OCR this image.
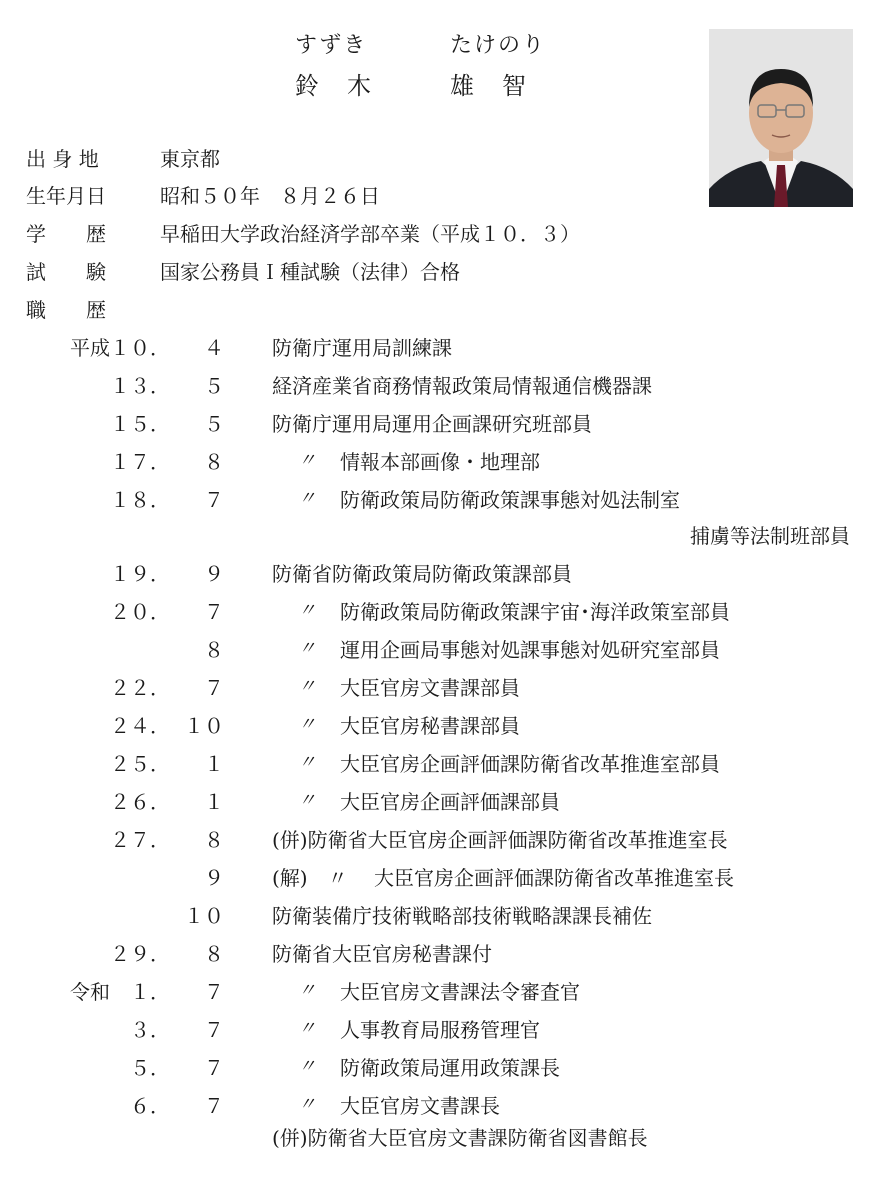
すずき	たけのり
鈴　木	雄　智
出 身 地	東京都
生年月日	昭和５０年　８月２６日
学　　歴	早稲田大学政治経済学部卒業（平成１０．３）
試　　験	国家公務員Ｉ種試験（法律）合格
職　　歴
平成 １０．	４ 防衛庁運用局訓練課
１３．	５ 経済産業省商務情報政策局情報通信機器課
１５．	５ 防衛庁運用局運用企画課研究班部員
１７．	８	〃 情報本部画像・地理部
１８．	７	〃 防衛政策局防衛政策課事態対処法制室
捕虜等法制班部員
１９．	９ 防衛省防衛政策局防衛政策課部員
２０．	７	〃 防衛政策局防衛政策課宇宙･海洋政策室部員
８	〃 運用企画局事態対処課事態対処研究室部員
２２．	７	〃 大臣官房文書課部員
２４． １０	〃 大臣官房秘書課部員
２５．	１	〃 大臣官房企画評価課防衛省改革推進室部員
２６．	１	〃 大臣官房企画評価課部員
２７．	８ (併)防衛省大臣官房企画評価課防衛省改革推進室長
９ (解)　〃　 大臣官房企画評価課防衛省改革推進室長
１０ 防衛装備庁技術戦略部技術戦略課課長補佐
２９．	８ 防衛省大臣官房秘書課付
令和	１．	７	〃 大臣官房文書課法令審査官
３．	７	〃 人事教育局服務管理官
５．	７	〃 防衛政策局運用政策課長
６．	７	〃 大臣官房文書課長
(併)防衛省大臣官房文書課防衛省図書館長
